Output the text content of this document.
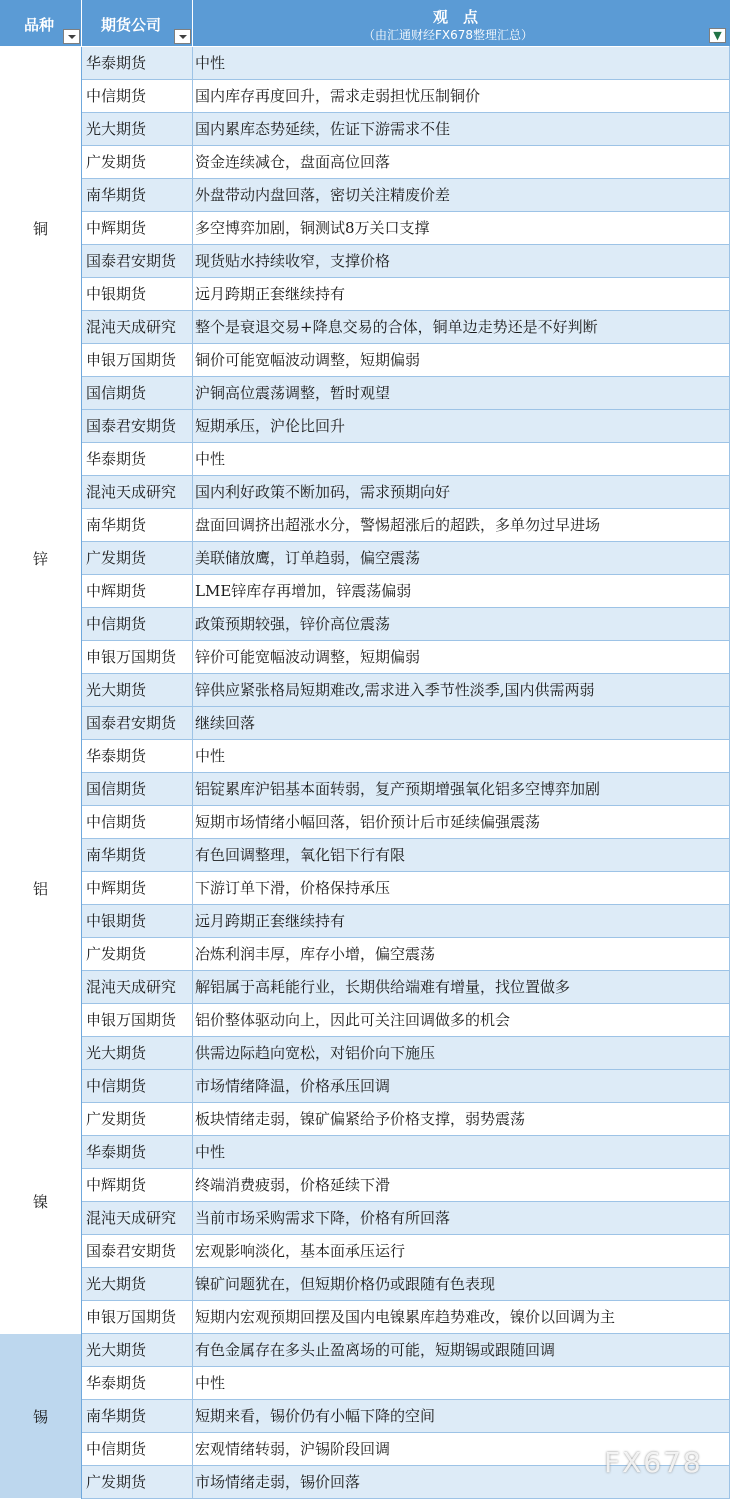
品种	期货公司	观　点
（由汇通财经FX678整理汇总）	▼
铜
华泰期货	中性
中信期货	国内库存再度回升，需求走弱担忧压制铜价
光大期货	国内累库态势延续，佐证下游需求不佳
广发期货	资金连续减仓，盘面高位回落
南华期货	外盘带动内盘回落，密切关注精废价差
中辉期货	多空博弈加剧，铜测试8万关口支撑
国泰君安期货 现货贴水持续收窄，支撑价格
中银期货	远月跨期正套继续持有
混沌天成研究 整个是衰退交易+降息交易的合体，铜单边走势还是不好判断
申银万国期货 铜价可能宽幅波动调整，短期偏弱
国信期货	沪铜高位震荡调整，暂时观望
锌
国泰君安期货 短期承压，沪伦比回升
华泰期货	中性
混沌天成研究 国内利好政策不断加码，需求预期向好
南华期货	盘面回调挤出超涨水分，警惕超涨后的超跌，多单勿过早进场
广发期货	美联储放鹰，订单趋弱，偏空震荡
中辉期货	LME锌库存再增加，锌震荡偏弱
中信期货	政策预期较强，锌价高位震荡
申银万国期货 锌价可能宽幅波动调整，短期偏弱
光大期货	锌供应紧张格局短期难改,需求进入季节性淡季,国内供需两弱
铝
国泰君安期货 继续回落
华泰期货	中性
国信期货	铝锭累库沪铝基本面转弱，复产预期增强氧化铝多空博弈加剧
中信期货	短期市场情绪小幅回落，铝价预计后市延续偏强震荡
南华期货	有色回调整理，氧化铝下行有限
中辉期货	下游订单下滑，价格保持承压
中银期货	远月跨期正套继续持有
广发期货	冶炼利润丰厚，库存小增，偏空震荡
混沌天成研究 解铝属于高耗能行业，长期供给端难有增量，找位置做多
申银万国期货 铝价整体驱动向上，因此可关注回调做多的机会
光大期货	供需边际趋向宽松，对铝价向下施压
镍
中信期货	市场情绪降温，价格承压回调
广发期货	板块情绪走弱，镍矿偏紧给予价格支撑，弱势震荡
华泰期货	中性
中辉期货	终端消费疲弱，价格延续下滑
混沌天成研究 当前市场采购需求下降，价格有所回落
国泰君安期货 宏观影响淡化，基本面承压运行
光大期货	镍矿问题犹在，但短期价格仍或跟随有色表现
申银万国期货 短期内宏观预期回摆及国内电镍累库趋势难改，镍价以回调为主
锡
光大期货	有色金属存在多头止盈离场的可能，短期锡或跟随回调
华泰期货	中性
南华期货	短期来看，锡价仍有小幅下降的空间
中信期货	宏观情绪转弱，沪锡阶段回调
广发期货	市场情绪走弱，锡价回落
FX678
